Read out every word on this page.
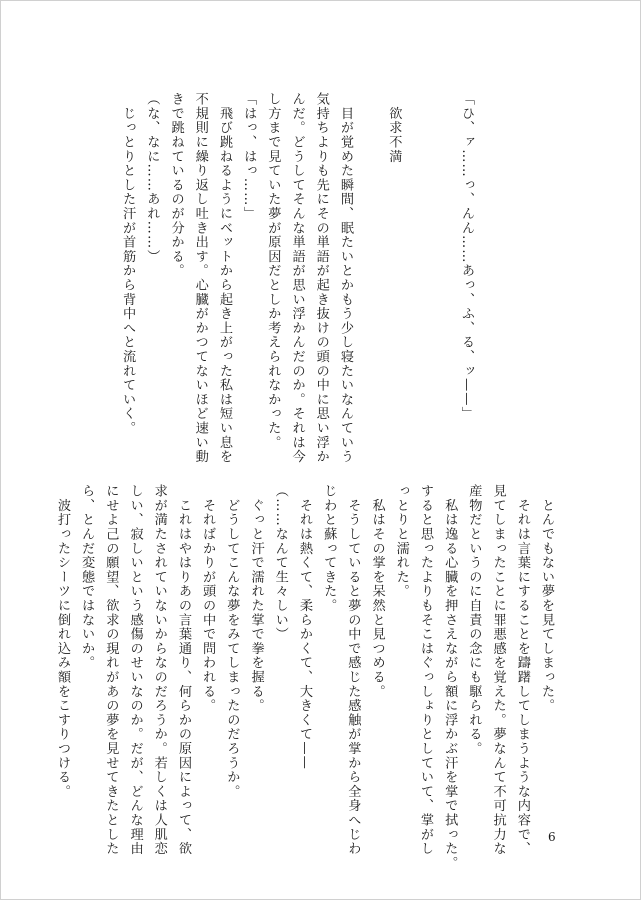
「ひ、ァ……っ、んん……あっ、ふ、る、ッ——」

　欲求不満

　目が覚めた瞬間、眠たいとかもう少し寝たいなんていう
気持ちよりも先にその単語が起き抜けの頭の中に思い浮か
んだ。どうしてそんな単語が思い浮かんだのか。それは今
し方まで見ていた夢が原因だとしか考えられなかった。
「はっ、はっ……」
　飛び跳ねるようにベットから起き上がった私は短い息を
不規則に繰り返し吐き出す。心臓がかつてないほど速い動
きで跳ねているのが分かる。
（な、なに……あれ……）
　じっとりとした汗が首筋から背中へと流れていく。
　とんでもない夢を見てしまった。
　それは言葉にすることを躊躇してしまうような内容で、
見てしまったことに罪悪感を覚えた。夢なんて不可抗力な
産物だというのに自責の念にも駆られる。
　私は逸る心臓を押さえながら額に浮かぶ汗を掌で拭った。
すると思ったよりもそこはぐっしょりとしていて、掌がし
っとりと濡れた。
　私はその掌を呆然と見つめる。
　そうしていると夢の中で感じた感触が掌から全身へじわ
じわと蘇ってきた。
　それは熱くて、柔らかくて、大きくて——
（……なんて生々しい）
　ぐっと汗で濡れた掌で拳を握る。
　どうしてこんな夢をみてしまったのだろうか。
　そればかりが頭の中で問われる。
　これはやはりあの言葉通り、何らかの原因によって、欲
求が満たされていないからなのだろうか。若しくは人肌恋
しい、寂しいという感傷のせいなのか。だが、どんな理由
にせよ己の願望、欲求の現れがあの夢を見せてきたとした
ら、とんだ変態ではないか。
　波打ったシーツに倒れ込み額をこすりつける。
6
